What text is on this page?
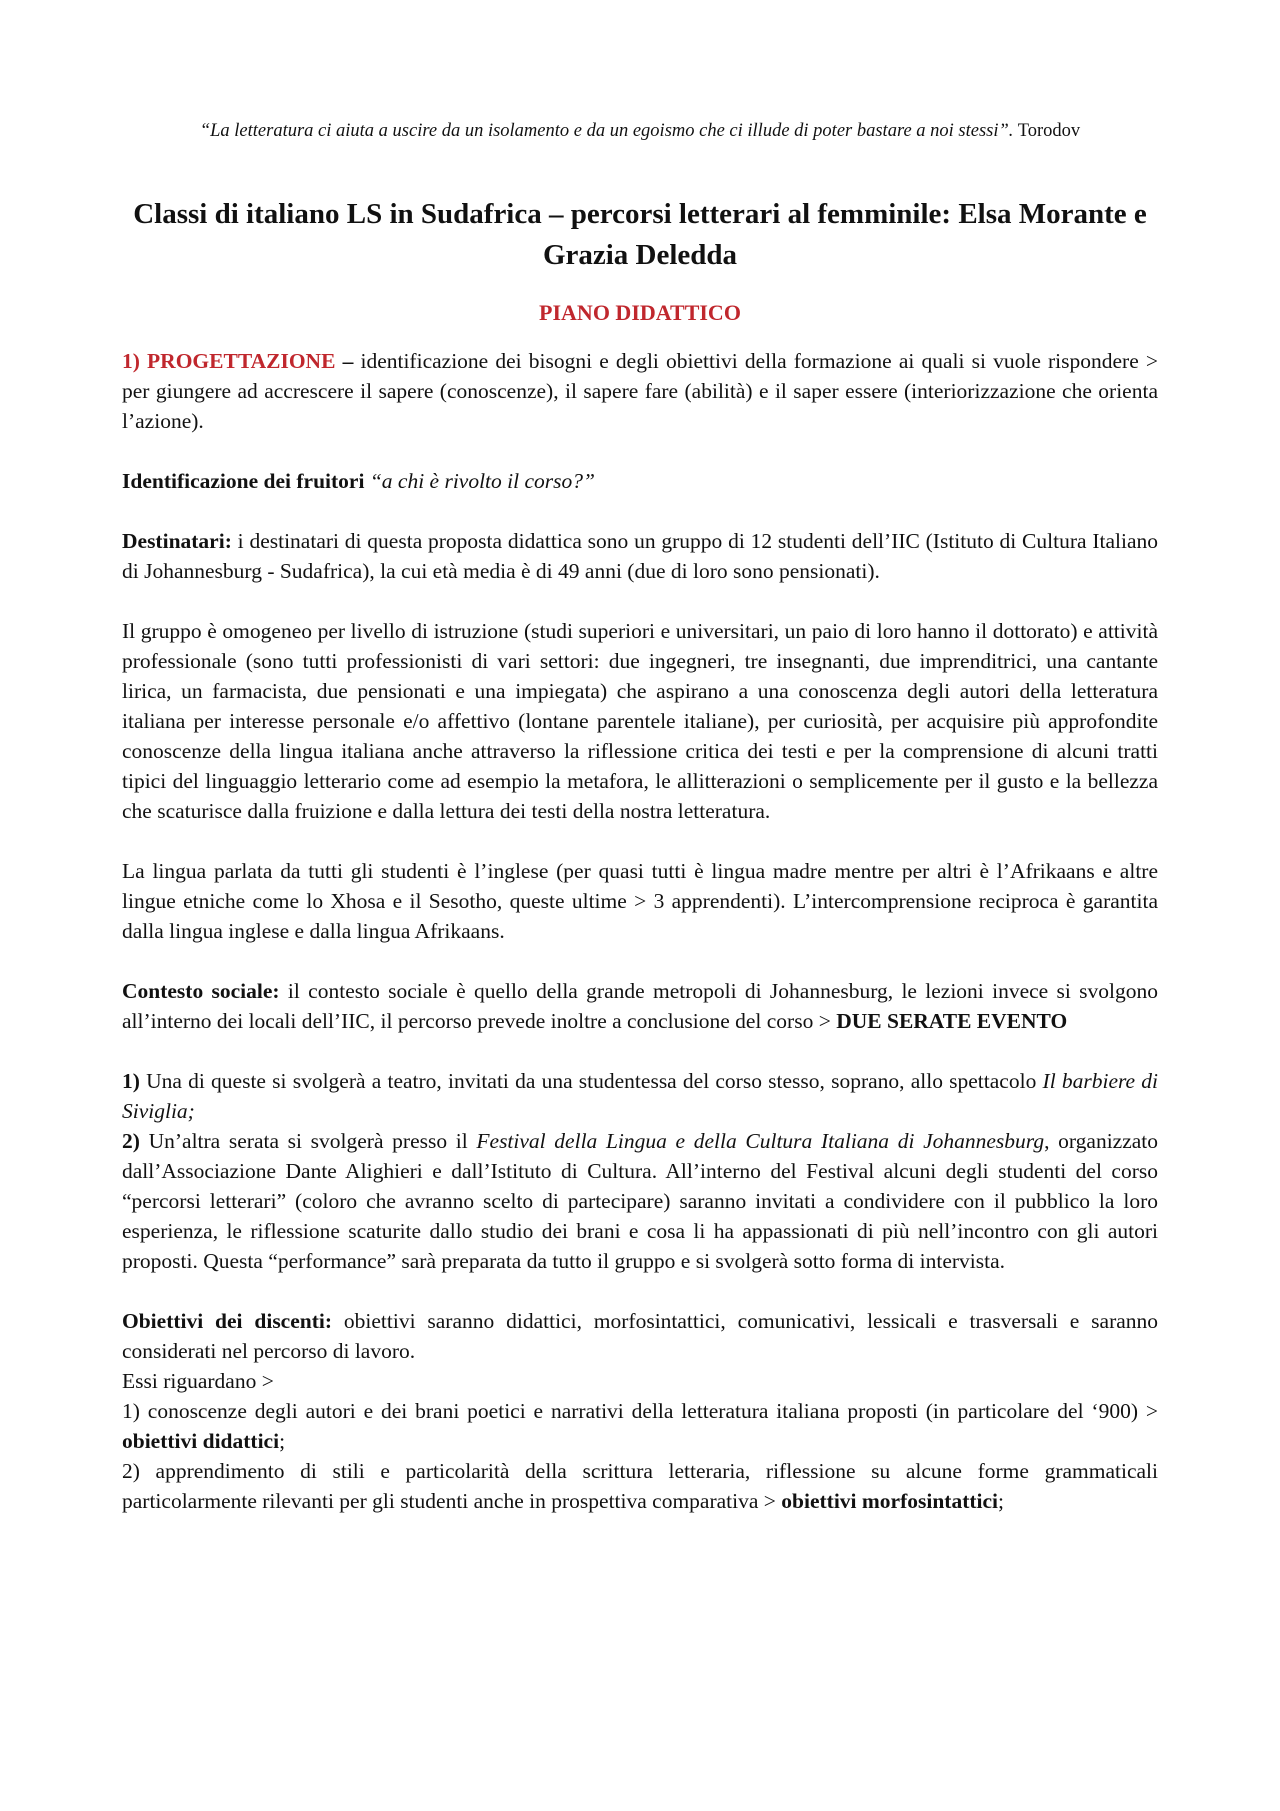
“La letteratura ci aiuta a uscire da un isolamento e da un egoismo che ci illude di poter bastare a noi stessi”. Torodov

Classi di italiano LS in Sudafrica – percorsi letterari al femminile: Elsa Morante e Grazia Deledda

PIANO DIDATTICO

1) PROGETTAZIONE – identificazione dei bisogni e degli obiettivi della formazione ai quali si vuole rispondere > per giungere ad accrescere il sapere (conoscenze), il sapere fare (abilità) e il saper essere (interiorizzazione che orienta l’azione).

Identificazione dei fruitori “a chi è rivolto il corso?”

Destinatari: i destinatari di questa proposta didattica sono un gruppo di 12 studenti dell’IIC (Istituto di Cultura Italiano di Johannesburg - Sudafrica), la cui età media è di 49 anni (due di loro sono pensionati).

Il gruppo è omogeneo per livello di istruzione (studi superiori e universitari, un paio di loro hanno il dottorato) e attività professionale (sono tutti professionisti di vari settori: due ingegneri, tre insegnanti, due imprenditrici, una cantante lirica, un farmacista, due pensionati e una impiegata) che aspirano a una conoscenza degli autori della letteratura italiana per interesse personale e/o affettivo (lontane parentele italiane), per curiosità, per acquisire più approfondite conoscenze della lingua italiana anche attraverso la riflessione critica dei testi e per la comprensione di alcuni tratti tipici del linguaggio letterario come ad esempio la metafora, le allitterazioni o semplicemente per il gusto e la bellezza che scaturisce dalla fruizione e dalla lettura dei testi della nostra letteratura.

La lingua parlata da tutti gli studenti è l’inglese (per quasi tutti è lingua madre mentre per altri è l’Afrikaans e altre lingue etniche come lo Xhosa e il Sesotho, queste ultime > 3 apprendenti). L’intercomprensione reciproca è garantita dalla lingua inglese e dalla lingua Afrikaans.

Contesto sociale: il contesto sociale è quello della grande metropoli di Johannesburg, le lezioni invece si svolgono all’interno dei locali dell’IIC, il percorso prevede inoltre a conclusione del corso > DUE SERATE EVENTO

1) Una di queste si svolgerà a teatro, invitati da una studentessa del corso stesso, soprano, allo spettacolo Il barbiere di Siviglia;

2) Un’altra serata si svolgerà presso il Festival della Lingua e della Cultura Italiana di Johannesburg, organizzato dall’Associazione Dante Alighieri e dall’Istituto di Cultura. All’interno del Festival alcuni degli studenti del corso “percorsi letterari” (coloro che avranno scelto di partecipare) saranno invitati a condividere con il pubblico la loro esperienza, le riflessione scaturite dallo studio dei brani e cosa li ha appassionati di più nell’incontro con gli autori proposti. Questa “performance” sarà preparata da tutto il gruppo e si svolgerà sotto forma di intervista.

Obiettivi dei discenti: obiettivi saranno didattici, morfosintattici, comunicativi, lessicali e trasversali e saranno considerati nel percorso di lavoro.

Essi riguardano >

1) conoscenze degli autori e dei brani poetici e narrativi della letteratura italiana proposti (in particolare del ‘900) > obiettivi didattici;

2) apprendimento di stili e particolarità della scrittura letteraria, riflessione su alcune forme grammaticali particolarmente rilevanti per gli studenti anche in prospettiva comparativa > obiettivi morfosintattici;
